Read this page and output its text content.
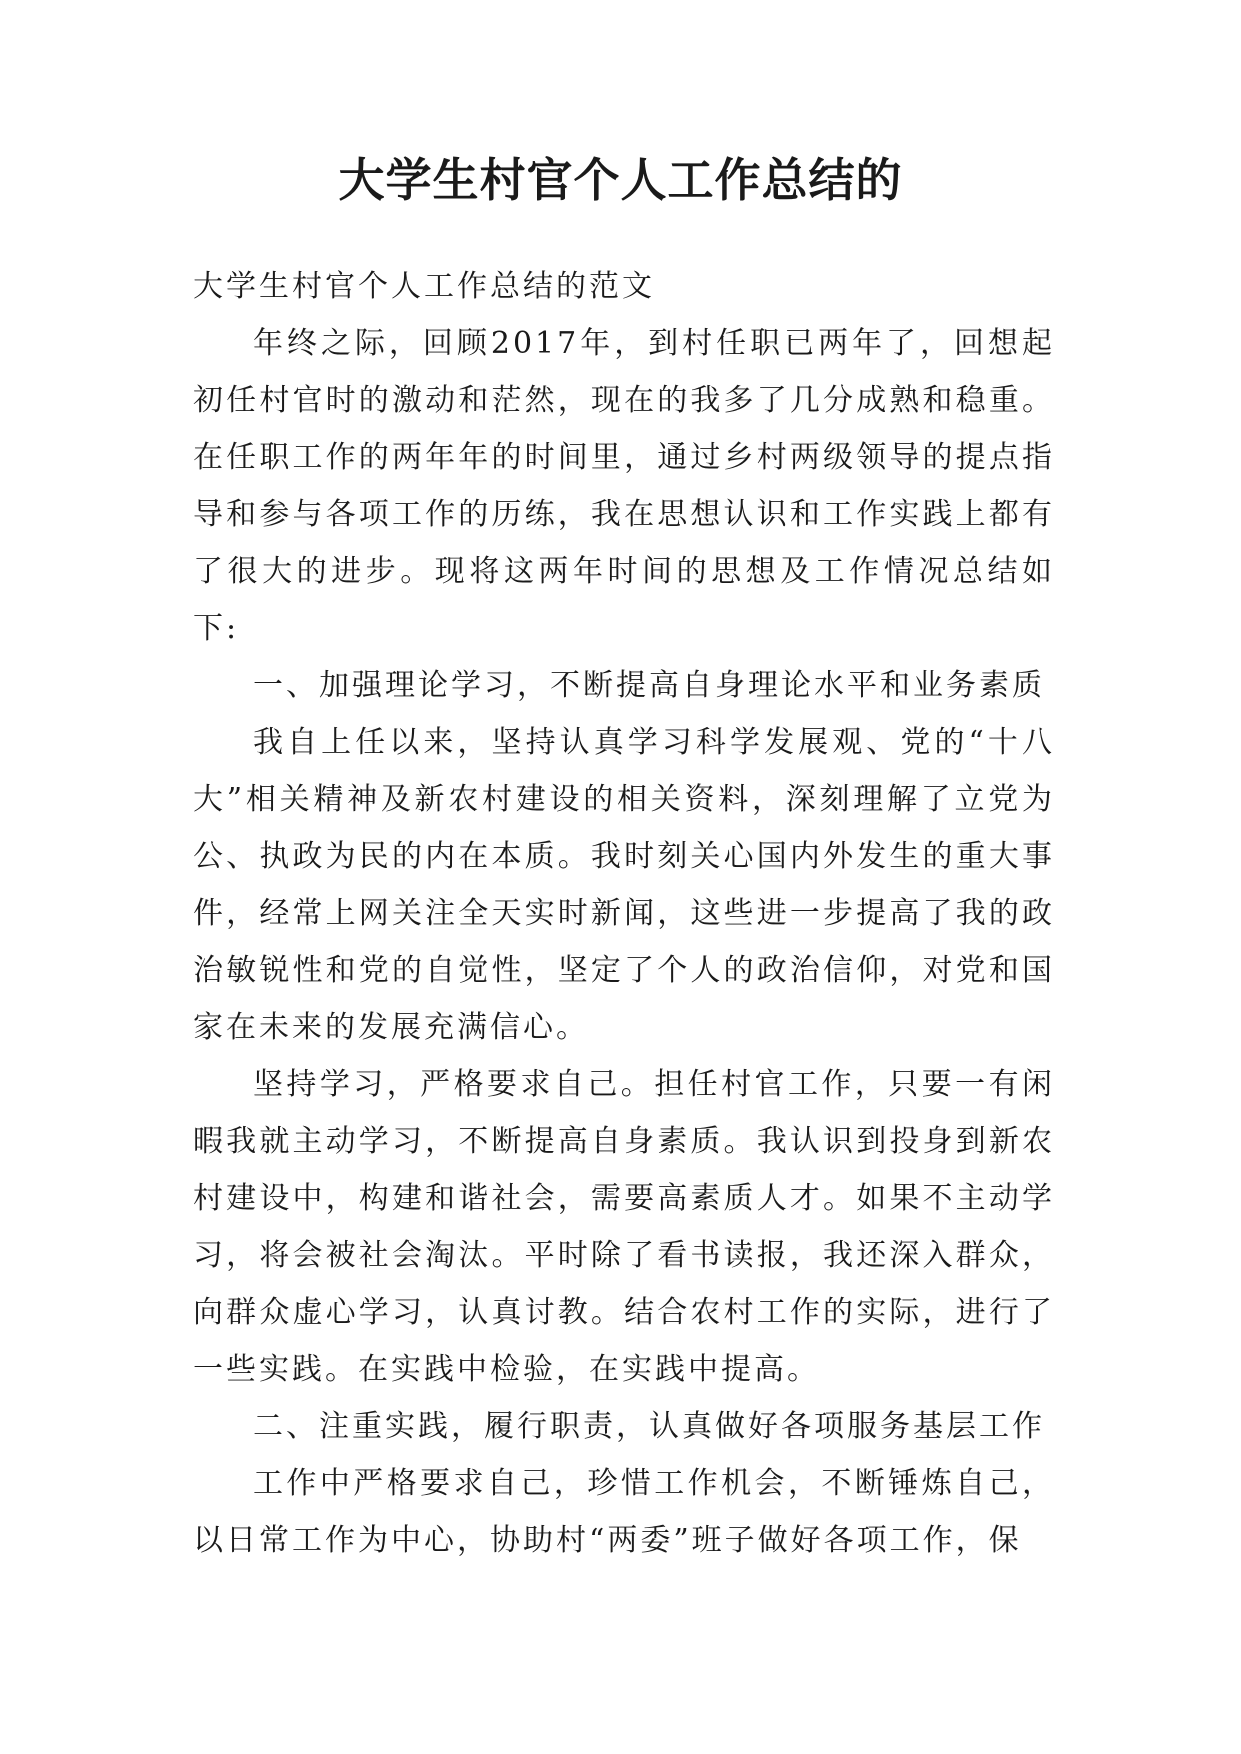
大学生村官个人工作总结的

大学生村官个人工作总结的范文

年终之际，回顾2017年，到村任职已两年了，回想起初任村官时的激动和茫然，现在的我多了几分成熟和稳重。在任职工作的两年年的时间里，通过乡村两级领导的提点指导和参与各项工作的历练，我在思想认识和工作实践上都有了很大的进步。现将这两年时间的思想及工作情况总结如下:

一、加强理论学习，不断提高自身理论水平和业务素质

我自上任以来，坚持认真学习科学发展观、党的“十八大”相关精神及新农村建设的相关资料，深刻理解了立党为公、执政为民的内在本质。我时刻关心国内外发生的重大事件，经常上网关注全天实时新闻，这些进一步提高了我的政治敏锐性和党的自觉性，坚定了个人的政治信仰，对党和国家在未来的发展充满信心。

坚持学习，严格要求自己。担任村官工作，只要一有闲暇我就主动学习，不断提高自身素质。我认识到投身到新农村建设中，构建和谐社会，需要高素质人才。如果不主动学习，将会被社会淘汰。平时除了看书读报，我还深入群众，向群众虚心学习，认真讨教。结合农村工作的实际，进行了一些实践。在实践中检验，在实践中提高。

二、注重实践，履行职责，认真做好各项服务基层工作

工作中严格要求自己，珍惜工作机会，不断锤炼自己，以日常工作为中心，协助村“两委”班子做好各项工作，保
